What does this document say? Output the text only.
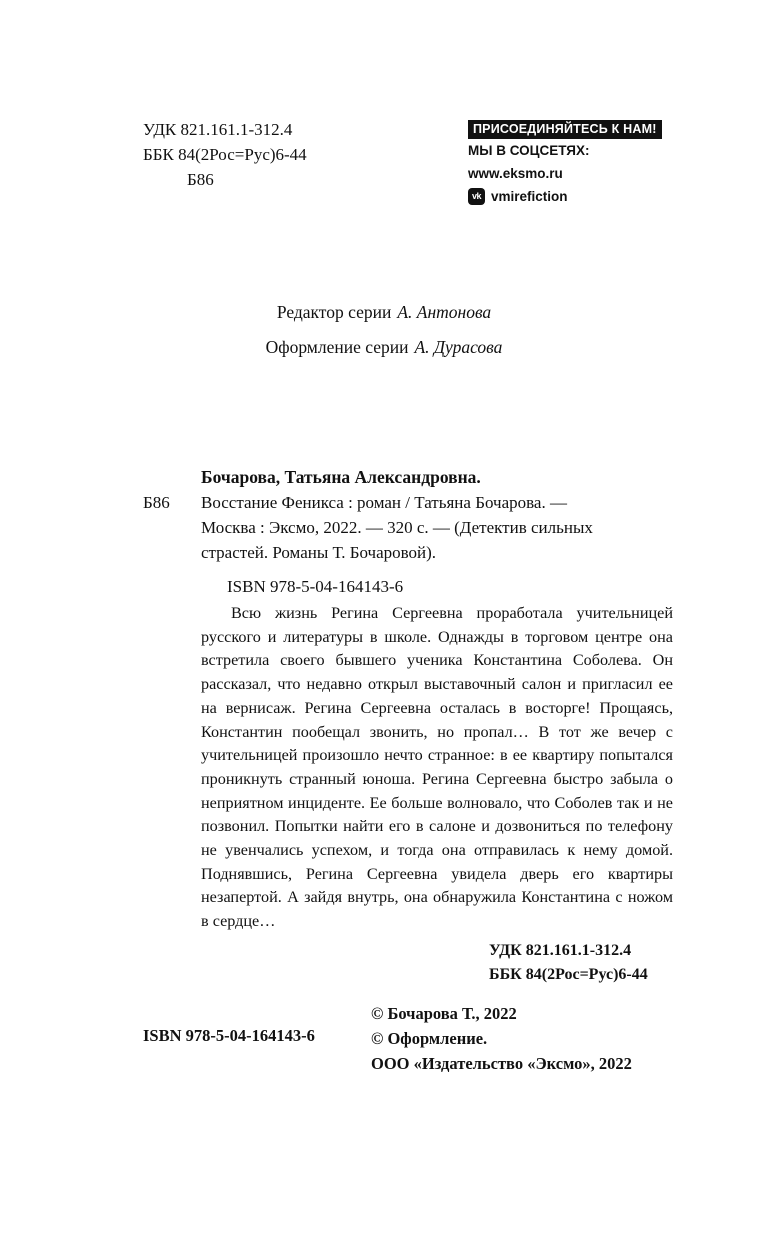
УДК 821.161.1-312.4
ББК 84(2Рос=Рус)6-44
Б86
ПРИСОЕДИНЯЙТЕСЬ К НАМ!
МЫ В СОЦСЕТЯХ:
www.eksmo.ru
vk vmirefiction
Редактор серии А. Антонова
Оформление серии А. Дурасова
Бочарова, Татьяна Александровна.
Б86	Восстание Феникса : роман / Татьяна Бочарова. —
Москва : Эксмо, 2022. — 320 с. — (Детектив сильных
страстей. Романы Т. Бочаровой).
ISBN 978-5-04-164143-6

Всю жизнь Регина Сергеевна проработала учительницей русского и литературы в школе. Однажды в торговом центре она встретила своего бывшего ученика Константина Соболева. Он рассказал, что недавно открыл выставочный салон и пригласил ее на вернисаж. Регина Сергеевна осталась в восторге! Прощаясь, Константин пообещал звонить, но пропал… В тот же вечер с учительницей произошло нечто странное: в ее квартиру попытался проникнуть странный юноша. Регина Сергеевна быстро забыла о неприятном инциденте. Ее больше волновало, что Соболев так и не позвонил. Попытки найти его в салоне и дозвониться по телефону не увенчались успехом, и тогда она отправилась к нему домой. Поднявшись, Регина Сергеевна увидела дверь его квартиры незапертой. А зайдя внутрь, она обнаружила Константина с ножом в сердце…

УДК 821.161.1-312.4
ББК 84(2Рос=Рус)6-44
ISBN 978-5-04-164143-6
© Бочарова Т., 2022
© Оформление.
ООО «Издательство «Эксмо», 2022
